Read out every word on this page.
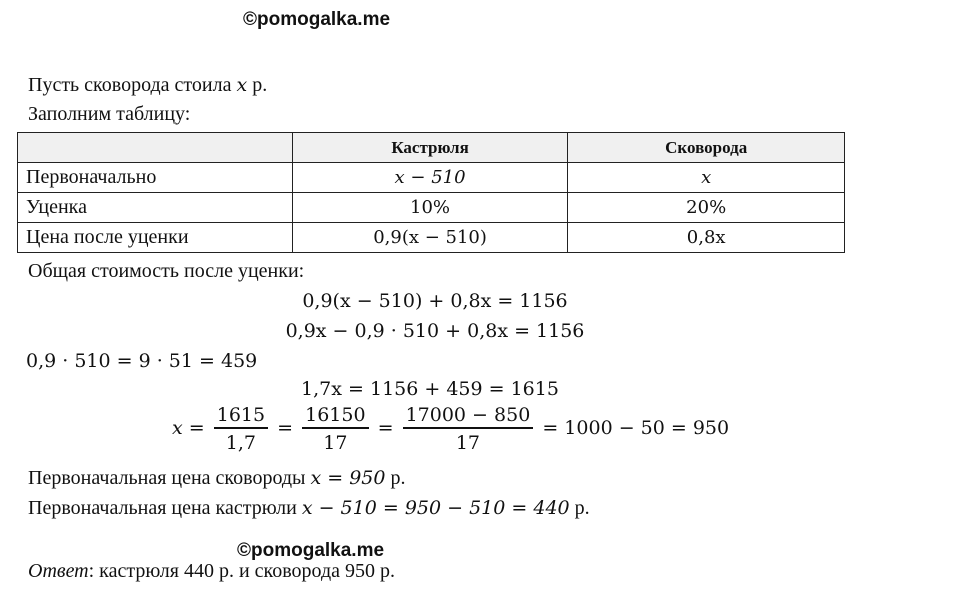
©pomogalka.me
Пусть сковорода стоила x р.
Заполним таблицу:
	Кастрюля	Сковорода
Первоначально	x − 510	x
Уценка	10%	20%
Цена после уценки	0,9(x − 510)	0,8x
Общая стоимость после уценки:
0,9(x − 510) + 0,8x = 1156
0,9x − 0,9 · 510 + 0,8x = 1156
0,9 · 510 = 9 · 51 = 459
1,7x = 1156 + 459 = 1615
$x = \frac{1615}{1,7} = \frac{16150}{17} = \frac{17000 - 850}{17} = 1000 - 50 = 950$
Первоначальная цена сковороды x = 950 р.
Первоначальная цена кастрюли x − 510 = 950 − 510 = 440 р.
©pomogalka.me
Ответ: кастрюля 440 р. и сковорода 950 р.
